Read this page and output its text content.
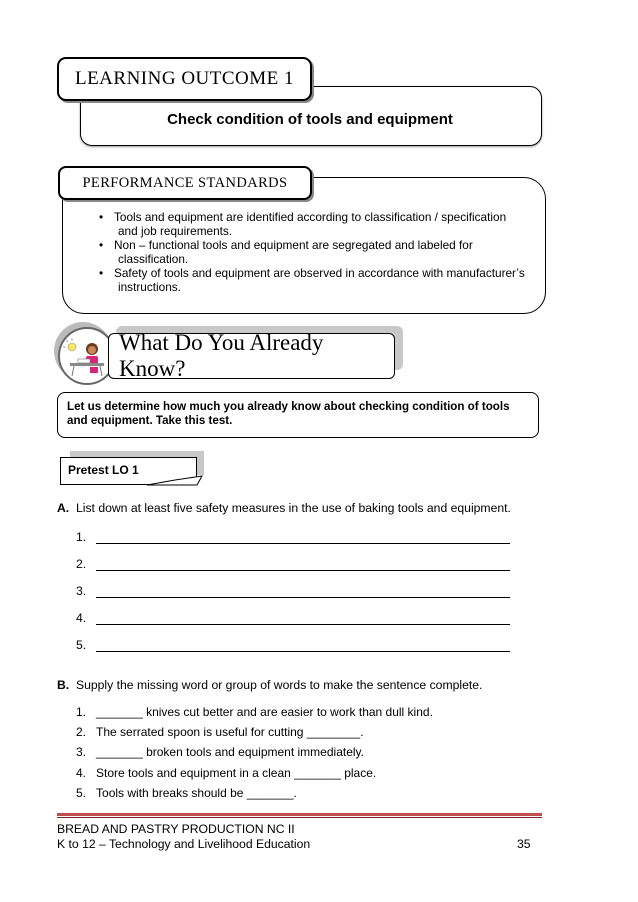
Check condition of tools and equipment
LEARNING OUTCOME 1
PERFORMANCE STANDARDS
• Tools and equipment are identified according to classification / specification
and job requirements.
• Non – functional tools and equipment are segregated and labeled for
classification.
• Safety of tools and equipment are observed in accordance with manufacturer’s
instructions.
What Do You Already Know?
Let us determine how much you already know about checking condition of tools
and equipment. Take this test.
Pretest LO 1
A. List down at least five safety measures in the use of baking tools and equipment.
1.
2.
3.
4.
5.
B. Supply the missing word or group of words to make the sentence complete.
1. _______ knives cut better and are easier to work than dull kind.
2. The serrated spoon is useful for cutting ________.
3. _______ broken tools and equipment immediately.
4. Store tools and equipment in a clean _______ place.
5. Tools with breaks should be _______.
BREAD AND PASTRY PRODUCTION NC II
K to 12 – Technology and Livelihood Education	35
